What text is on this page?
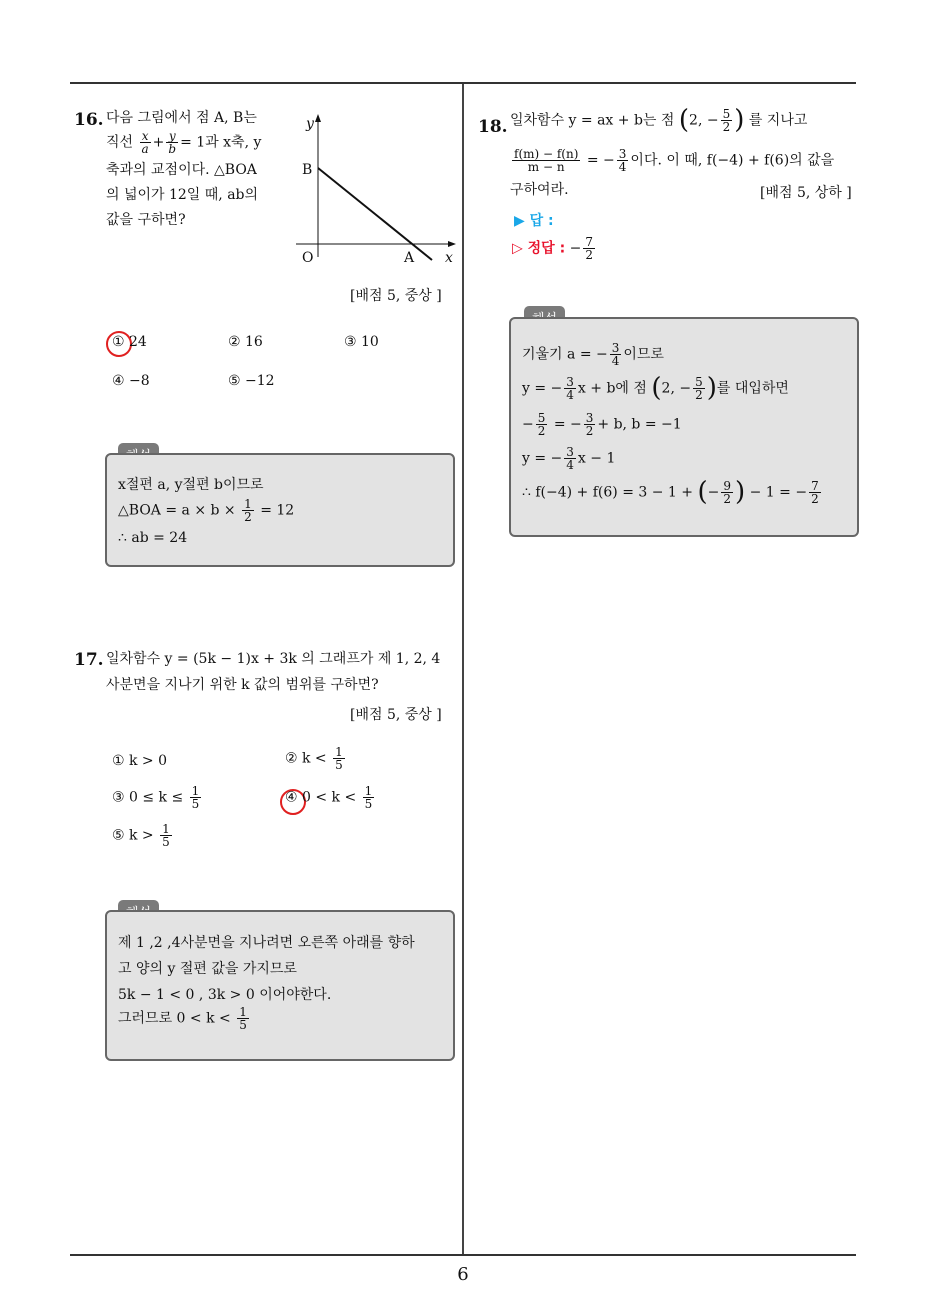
16. 다음 그림에서 점 A, B는
직선 $\frac{x}{a} + \frac{y}{b} = 1$과 x축, y
축과의 교점이다. △BOA
의 넓이가 12일 때, ab의
값을 구하면?
y
B
O	A x
[배점 5, 중상 ]
① 24	② 16	③ 10
④ −8	⑤ −12
x절편 a, y절편 b이므로
△BOA = $a \times b \times \frac{1}{2} = 12$
∴ ab = 24
17. 일차함수 y = (5k − 1)x + 3k 의 그래프가 제 1, 2, 4
사분면을 지나기 위한 k 값의 범위를 구하면?
[배점 5, 중상 ]
① k > 0	② $k < \frac{1}{5}$
③ $0 \le k \le \frac{1}{5}$	④ $0 < k < \frac{1}{5}$
⑤ $k > \frac{1}{5}$
제 1 ,2 ,4사분면을 지나려면 오른쪽 아래를 향하
고 양의 y 절편 값을 가지므로
5k − 1 < 0 , 3k > 0 이어야한다.
그러므로 $0 < k < \frac{1}{5}$
18. 일차함수 y = ax + b는 점 (2, − $\frac{5}{2}$ ) 를 지나고
$\frac{f(m) - f(n)}{m - n}$ = − $\frac{3}{4}$ 이다. 이 때, f(−4) + f(6)의 값을
구하여라.	[배점 5, 상하 ]
▶ 답 :
▷ 정답 : − $\frac{7}{2}$
기울기 a = − $\frac{3}{4}$ 이므로
y = − $\frac{3}{4}$ x + b에 점 (2, − $\frac{5}{2}$ )를 대입하면
− $\frac{5}{2}$ = − $\frac{3}{2} + b$, b = −1
y = − $\frac{3}{4}$ x − 1
∴ f(−4) + f(6) = 3 − 1 + (− $\frac{9}{2}$ ) − 1 = − $\frac{7}{2}$
6
